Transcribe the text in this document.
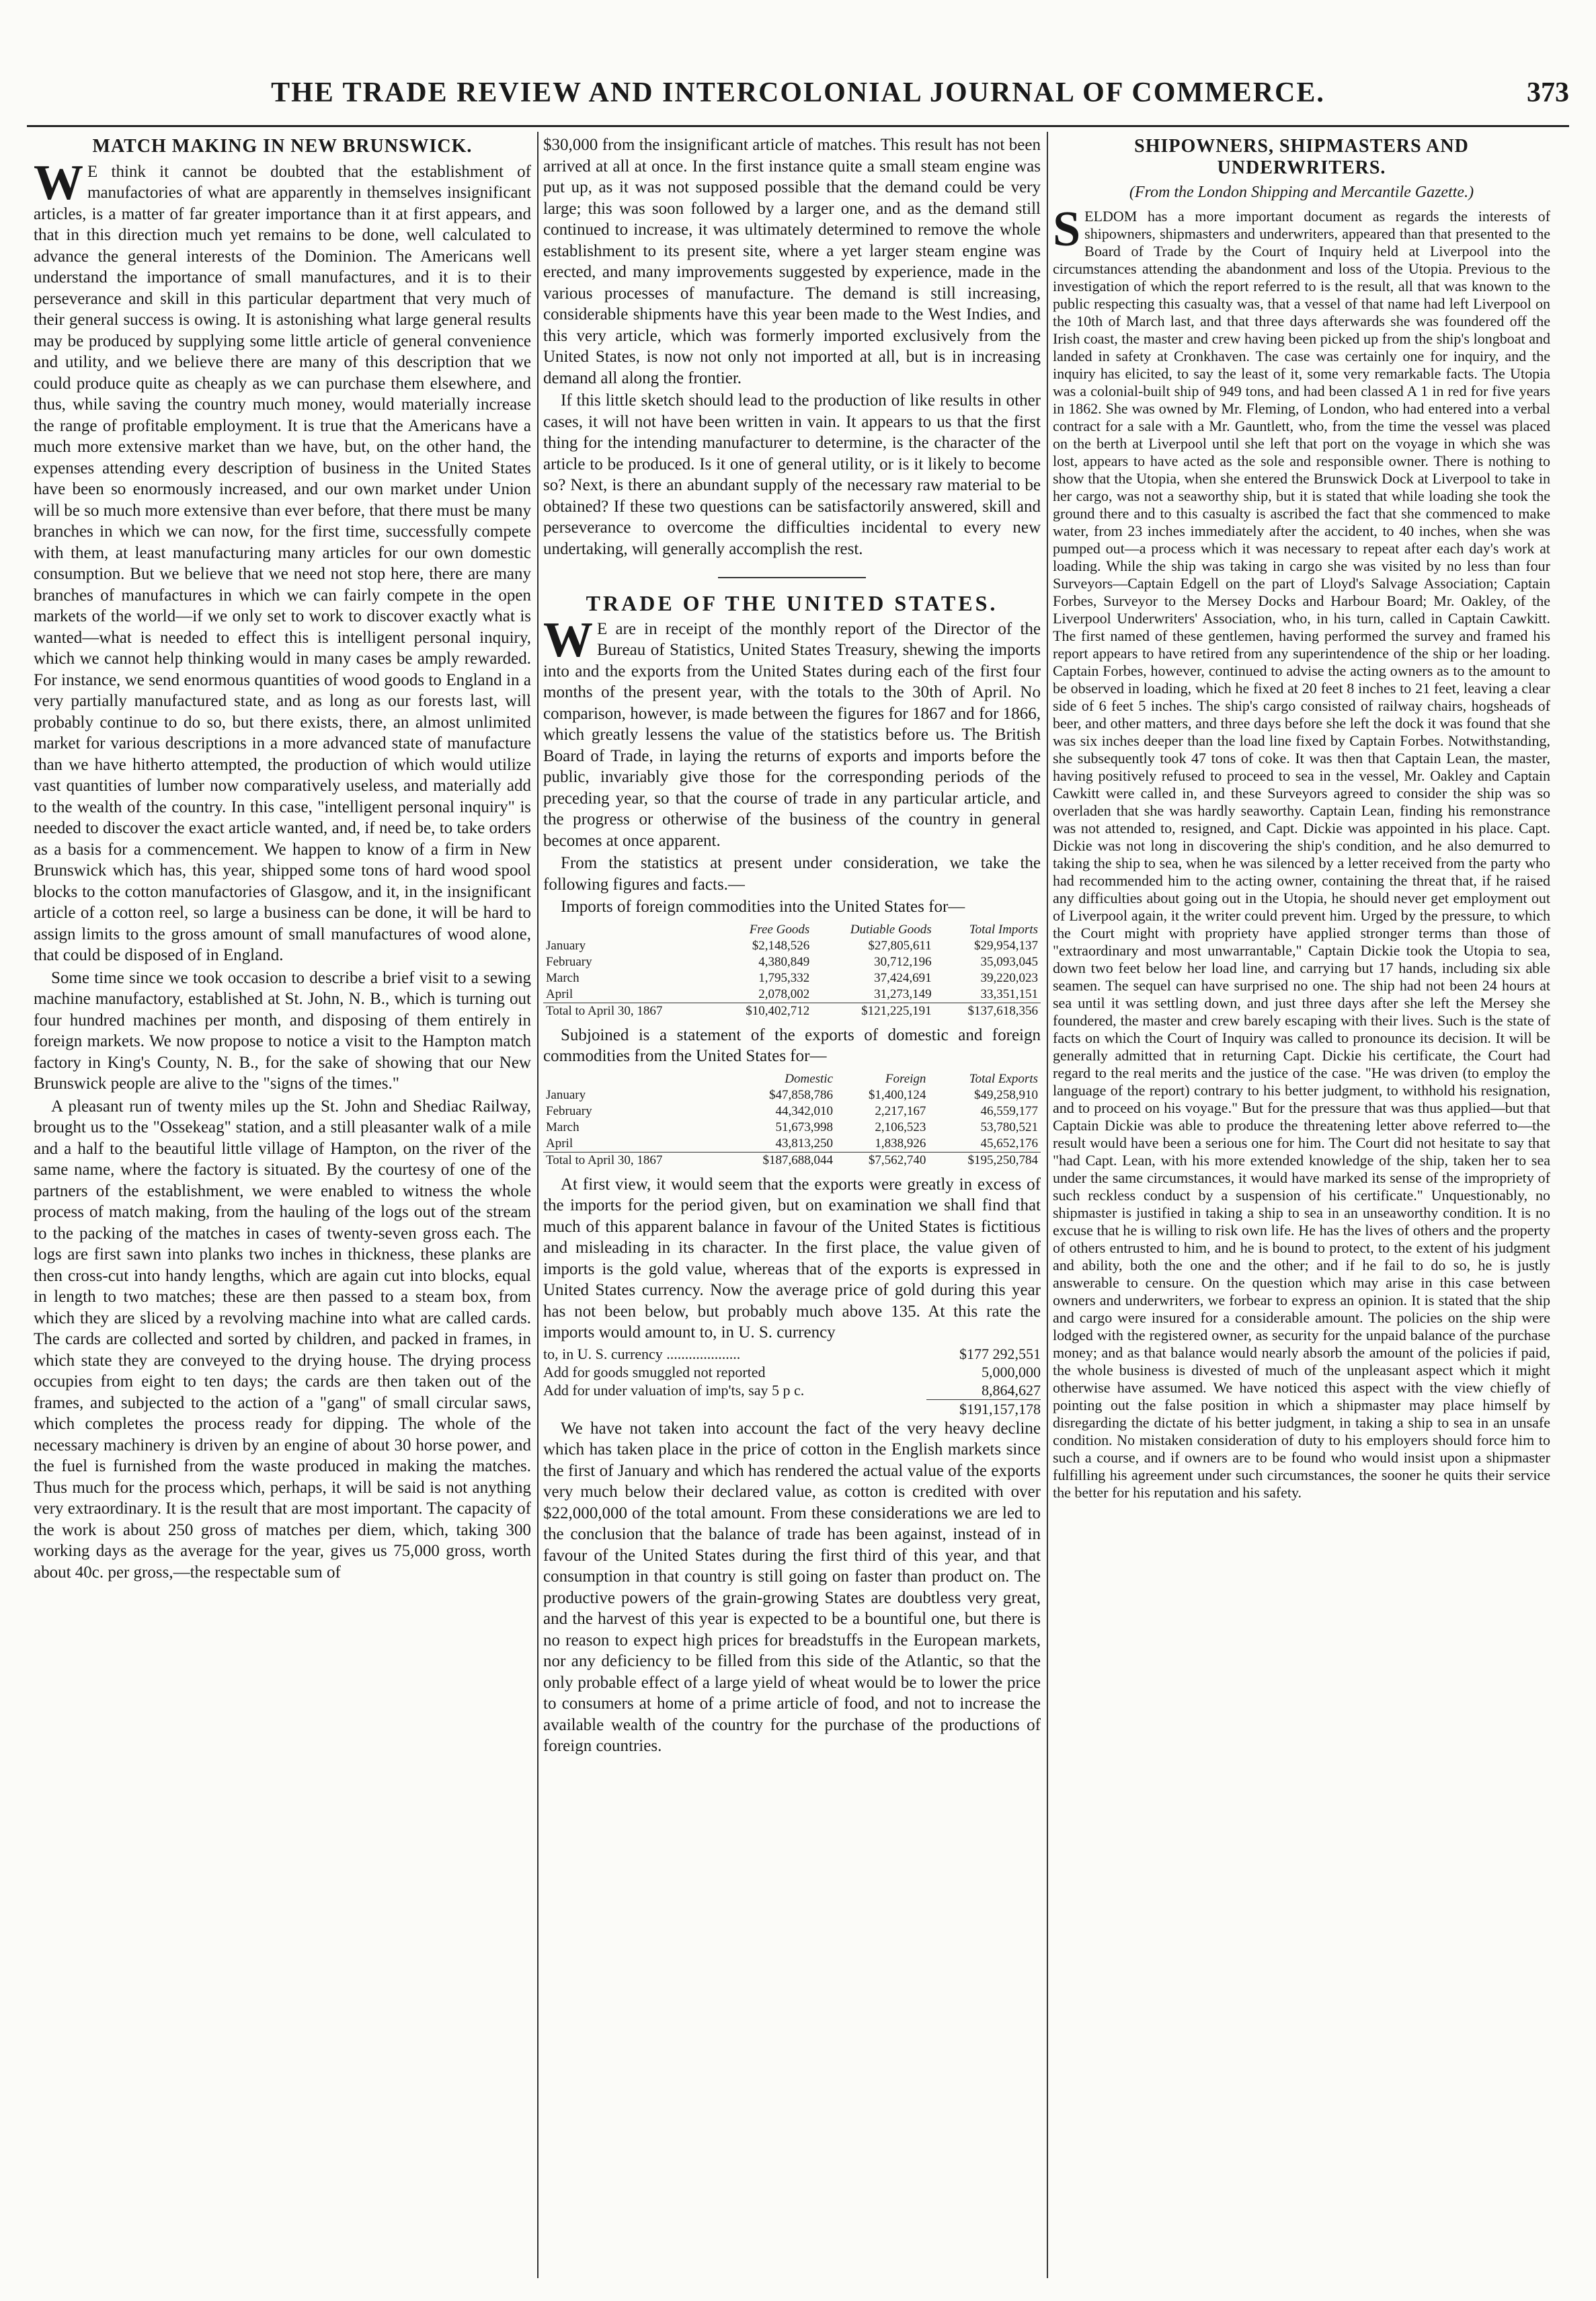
THE TRADE REVIEW AND INTERCOLONIAL JOURNAL OF COMMERCE.	373
MATCH MAKING IN NEW BRUNSWICK.

W E think it cannot be doubted that the establishment of manufactories of what are apparently in themselves insignificant articles, is a matter of far greater importance than it at first appears, and that in this direction much yet remains to be done, well calculated to advance the general interests of the Dominion. The Americans well understand the importance of small manufactures, and it is to their perseverance and skill in this particular department that very much of their general success is owing. It is astonishing what large general results may be produced by supplying some little article of general convenience and utility, and we believe there are many of this description that we could produce quite as cheaply as we can purchase them elsewhere, and thus, while saving the country much money, would materially increase the range of profitable employment. It is true that the Americans have a much more extensive market than we have, but, on the other hand, the expenses attending every description of business in the United States have been so enormously increased, and our own market under Union will be so much more extensive than ever before, that there must be many branches in which we can now, for the first time, successfully compete with them, at least manufacturing many articles for our own domestic consumption. But we believe that we need not stop here, there are many branches of manufactures in which we can fairly compete in the open markets of the world—if we only set to work to discover exactly what is wanted—what is needed to effect this is intelligent personal inquiry, which we cannot help thinking would in many cases be amply rewarded. For instance, we send enormous quantities of wood goods to England in a very partially manufactured state, and as long as our forests last, will probably continue to do so, but there exists, there, an almost unlimited market for various descriptions in a more advanced state of manufacture than we have hitherto attempted, the production of which would utilize vast quantities of lumber now comparatively useless, and materially add to the wealth of the country. In this case, "intelligent personal inquiry" is needed to discover the exact article wanted, and, if need be, to take orders as a basis for a commencement. We happen to know of a firm in New Brunswick which has, this year, shipped some tons of hard wood spool blocks to the cotton manufactories of Glasgow, and it, in the insignificant article of a cotton reel, so large a business can be done, it will be hard to assign limits to the gross amount of small manufactures of wood alone, that could be disposed of in England.

Some time since we took occasion to describe a brief visit to a sewing machine manufactory, established at St. John, N. B., which is turning out four hundred machines per month, and disposing of them entirely in foreign markets. We now propose to notice a visit to the Hampton match factory in King's County, N. B., for the sake of showing that our New Brunswick people are alive to the "signs of the times."

A pleasant run of twenty miles up the St. John and Shediac Railway, brought us to the "Ossekeag" station, and a still pleasanter walk of a mile and a half to the beautiful little village of Hampton, on the river of the same name, where the factory is situated. By the courtesy of one of the partners of the establishment, we were enabled to witness the whole process of match making, from the hauling of the logs out of the stream to the packing of the matches in cases of twenty-seven gross each. The logs are first sawn into planks two inches in thickness, these planks are then cross-cut into handy lengths, which are again cut into blocks, equal in length to two matches; these are then passed to a steam box, from which they are sliced by a revolving machine into what are called cards. The cards are collected and sorted by children, and packed in frames, in which state they are conveyed to the drying house. The drying process occupies from eight to ten days; the cards are then taken out of the frames, and subjected to the action of a "gang" of small circular saws, which completes the process ready for dipping. The whole of the necessary machinery is driven by an engine of about 30 horse power, and the fuel is furnished from the waste produced in making the matches. Thus much for the process which, perhaps, it will be said is not anything very extraordinary. It is the result that are most important. The capacity of the work is about 250 gross of matches per diem, which, taking 300 working days as the average for the year, gives us 75,000 gross, worth about 40c. per gross,—the respectable sum of

$30,000 from the insignificant article of matches. This result has not been arrived at all at once. In the first instance quite a small steam engine was put up, as it was not supposed possible that the demand could be very large; this was soon followed by a larger one, and as the demand still continued to increase, it was ultimately determined to remove the whole establishment to its present site, where a yet larger steam engine was erected, and many improvements suggested by experience, made in the various processes of manufacture. The demand is still increasing, considerable shipments have this year been made to the West Indies, and this very article, which was formerly imported exclusively from the United States, is now not only not imported at all, but is in increasing demand all along the frontier.

If this little sketch should lead to the production of like results in other cases, it will not have been written in vain. It appears to us that the first thing for the intending manufacturer to determine, is the character of the article to be produced. Is it one of general utility, or is it likely to become so? Next, is there an abundant supply of the necessary raw material to be obtained? If these two questions can be satisfactorily answered, skill and perseverance to overcome the difficulties incidental to every new undertaking, will generally accomplish the rest.

TRADE OF THE UNITED STATES.

W E are in receipt of the monthly report of the Director of the Bureau of Statistics, United States Treasury, shewing the imports into and the exports from the United States during each of the first four months of the present year, with the totals to the 30th of April. No comparison, however, is made between the figures for 1867 and for 1866, which greatly lessens the value of the statistics before us. The British Board of Trade, in laying the returns of exports and imports before the public, invariably give those for the corresponding periods of the preceding year, so that the course of trade in any particular article, and the progress or otherwise of the business of the country in general becomes at once apparent.

From the statistics at present under consideration, we take the following figures and facts.—

Imports of foreign commodities into the United States for—

	Free Goods	Dutiable Goods	Total Imports
January	$2,148,526	$27,805,611	$29,954,137
February	4,380,849	30,712,196	35,093,045
March	1,795,332	37,424,691	39,220,023
April	2,078,002	31,273,149	33,351,151
Total to April 30, 1867	$10,402,712	$121,225,191	$137,618,356

Subjoined is a statement of the exports of domestic and foreign commodities from the United States for—

	Domestic	Foreign	Total Exports
January	$47,858,786	$1,400,124	$49,258,910
February	44,342,010	2,217,167	46,559,177
March	51,673,998	2,106,523	53,780,521
April	43,813,250	1,838,926	45,652,176
Total to April 30, 1867	$187,688,044	$7,562,740	$195,250,784

At first view, it would seem that the exports were greatly in excess of the imports for the period given, but on examination we shall find that much of this apparent balance in favour of the United States is fictitious and misleading in its character. In the first place, the value given of imports is the gold value, whereas that of the exports is expressed in United States currency. Now the average price of gold during this year has not been below, but probably much above 135. At this rate the imports would amount to, in U. S. currency

to, in U. S. currency ....................	$177 292,551
Add for goods smuggled not reported	5,000,000
Add for under valuation of imp'ts, say 5 p c.	8,864,627
$191,157,178

We have not taken into account the fact of the very heavy decline which has taken place in the price of cotton in the English markets since the first of January and which has rendered the actual value of the exports very much below their declared value, as cotton is credited with over $22,000,000 of the total amount. From these considerations we are led to the conclusion that the balance of trade has been against, instead of in favour of the United States during the first third of this year, and that consumption in that country is still going on faster than product on. The productive powers of the grain-growing States are doubtless very great, and the harvest of this year is expected to be a bountiful one, but there is no reason to expect high prices for breadstuffs in the European markets, nor any deficiency to be filled from this side of the Atlantic, so that the only probable effect of a large yield of wheat would be to lower the price to consumers at home of a prime article of food, and not to increase the available wealth of the country for the purchase of the productions of foreign countries.

SHIPOWNERS, SHIPMASTERS AND UNDERWRITERS.
(From the London Shipping and Mercantile Gazette.)

SELDOM has a more important document as regards the interests of shipowners, shipmasters and underwriters, appeared than that presented to the Board of Trade by the Court of Inquiry held at Liverpool into the circumstances attending the abandonment and loss of the Utopia. Previous to the investigation of which the report referred to is the result, all that was known to the public respecting this casualty was, that a vessel of that name had left Liverpool on the 10th of March last, and that three days afterwards she was foundered off the Irish coast, the master and crew having been picked up from the ship's longboat and landed in safety at Cronkhaven. The case was certainly one for inquiry, and the inquiry has elicited, to say the least of it, some very remarkable facts. The Utopia was a colonial-built ship of 949 tons, and had been classed A 1 in red for five years in 1862. She was owned by Mr. Fleming, of London, who had entered into a verbal contract for a sale with a Mr. Gauntlett, who, from the time the vessel was placed on the berth at Liverpool until she left that port on the voyage in which she was lost, appears to have acted as the sole and responsible owner. There is nothing to show that the Utopia, when she entered the Brunswick Dock at Liverpool to take in her cargo, was not a seaworthy ship, but it is stated that while loading she took the ground there and to this casualty is ascribed the fact that she commenced to make water, from 23 inches immediately after the accident, to 40 inches, when she was pumped out—a process which it was necessary to repeat after each day's work at loading. While the ship was taking in cargo she was visited by no less than four Surveyors—Captain Edgell on the part of Lloyd's Salvage Association; Captain Forbes, Surveyor to the Mersey Docks and Harbour Board; Mr. Oakley, of the Liverpool Underwriters' Association, who, in his turn, called in Captain Cawkitt. The first named of these gentlemen, having performed the survey and framed his report appears to have retired from any superintendence of the ship or her loading. Captain Forbes, however, continued to advise the acting owners as to the amount to be observed in loading, which he fixed at 20 feet 8 inches to 21 feet, leaving a clear side of 6 feet 5 inches. The ship's cargo consisted of railway chairs, hogsheads of beer, and other matters, and three days before she left the dock it was found that she was six inches deeper than the load line fixed by Captain Forbes. Notwithstanding, she subsequently took 47 tons of coke. It was then that Captain Lean, the master, having positively refused to proceed to sea in the vessel, Mr. Oakley and Captain Cawkitt were called in, and these Surveyors agreed to consider the ship was so overladen that she was hardly seaworthy. Captain Lean, finding his remonstrance was not attended to, resigned, and Capt. Dickie was appointed in his place. Capt. Dickie was not long in discovering the ship's condition, and he also demurred to taking the ship to sea, when he was silenced by a letter received from the party who had recommended him to the acting owner, containing the threat that, if he raised any difficulties about going out in the Utopia, he should never get employment out of Liverpool again, it the writer could prevent him. Urged by the pressure, to which the Court might with propriety have applied stronger terms than those of "extraordinary and most unwarrantable," Captain Dickie took the Utopia to sea, down two feet below her load line, and carrying but 17 hands, including six able seamen. The sequel can have surprised no one. The ship had not been 24 hours at sea until it was settling down, and just three days after she left the Mersey she foundered, the master and crew barely escaping with their lives. Such is the state of facts on which the Court of Inquiry was called to pronounce its decision. It will be generally admitted that in returning Capt. Dickie his certificate, the Court had regard to the real merits and the justice of the case. "He was driven (to employ the language of the report) contrary to his better judgment, to withhold his resignation, and to proceed on his voyage." But for the pressure that was thus applied—but that Captain Dickie was able to produce the threatening letter above referred to—the result would have been a serious one for him. The Court did not hesitate to say that "had Capt. Lean, with his more extended knowledge of the ship, taken her to sea under the same circumstances, it would have marked its sense of the impropriety of such reckless conduct by a suspension of his certificate." Unquestionably, no shipmaster is justified in taking a ship to sea in an unseaworthy condition. It is no excuse that he is willing to risk own life. He has the lives of others and the property of others entrusted to him, and he is bound to protect, to the extent of his judgment and ability, both the one and the other; and if he fail to do so, he is justly answerable to censure. On the question which may arise in this case between owners and underwriters, we forbear to express an opinion. It is stated that the ship and cargo were insured for a considerable amount. The policies on the ship were lodged with the registered owner, as security for the unpaid balance of the purchase money; and as that balance would nearly absorb the amount of the policies if paid, the whole business is divested of much of the unpleasant aspect which it might otherwise have assumed. We have noticed this aspect with the view chiefly of pointing out the false position in which a shipmaster may place himself by disregarding the dictate of his better judgment, in taking a ship to sea in an unsafe condition. No mistaken consideration of duty to his employers should force him to such a course, and if owners are to be found who would insist upon a shipmaster fulfilling his agreement under such circumstances, the sooner he quits their service the better for his reputation and his safety.
